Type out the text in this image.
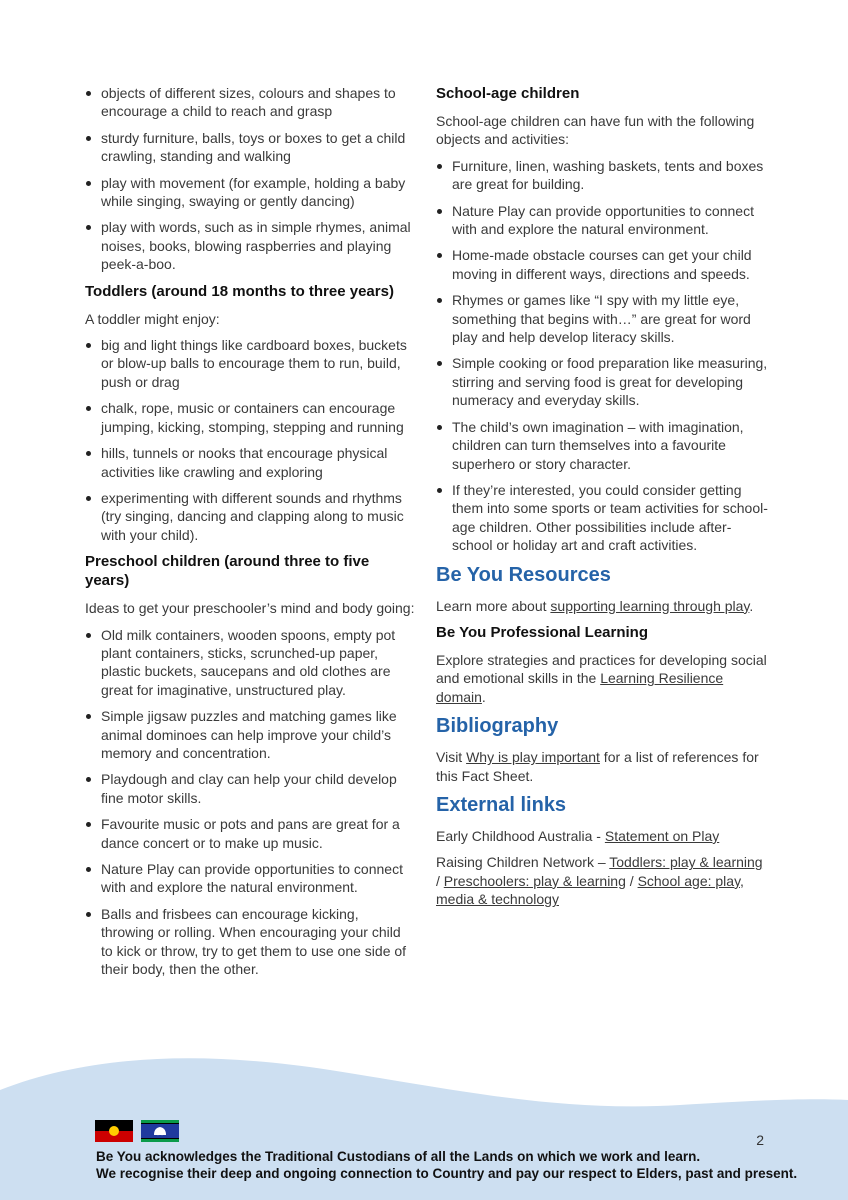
objects of different sizes, colours and shapes to encourage a child to reach and grasp
sturdy furniture, balls, toys or boxes to get a child crawling, standing and walking
play with movement (for example, holding a baby while singing, swaying or gently dancing)
play with words, such as in simple rhymes, animal noises, books, blowing raspberries and playing peek-a-boo.
Toddlers (around 18 months to three years)

A toddler might enjoy:

big and light things like cardboard boxes, buckets or blow-up balls to encourage them to run, build, push or drag
chalk, rope, music or containers can encourage jumping, kicking, stomping, stepping and running
hills, tunnels or nooks that encourage physical activities like crawling and exploring
experimenting with different sounds and rhythms (try singing, dancing and clapping along to music with your child).
Preschool children (around three to five years)

Ideas to get your preschooler’s mind and body going:

Old milk containers, wooden spoons, empty pot plant containers, sticks, scrunched-up paper, plastic buckets, saucepans and old clothes are great for imaginative, unstructured play.
Simple jigsaw puzzles and matching games like animal dominoes can help improve your child’s memory and concentration.
Playdough and clay can help your child develop fine motor skills.
Favourite music or pots and pans are great for a dance concert or to make up music.
Nature Play can provide opportunities to connect with and explore the natural environment.
Balls and frisbees can encourage kicking, throwing or rolling. When encouraging your child to kick or throw, try to get them to use one side of their body, then the other.
School-age children

School-age children can have fun with the following objects and activities:

Furniture, linen, washing baskets, tents and boxes are great for building.
Nature Play can provide opportunities to connect with and explore the natural environment.
Home-made obstacle courses can get your child moving in different ways, directions and speeds.
Rhymes or games like “I spy with my little eye, something that begins with…” are great for word play and help develop literacy skills.
Simple cooking or food preparation like measuring, stirring and serving food is great for developing numeracy and everyday skills.
The child’s own imagination – with imagination, children can turn themselves into a favourite superhero or story character.
If they’re interested, you could consider getting them into some sports or team activities for school-age children. Other possibilities include after-school or holiday art and craft activities.
Be You Resources

Learn more about supporting learning through play.

Be You Professional Learning

Explore strategies and practices for developing social and emotional skills in the Learning Resilience domain.

Bibliography

Visit Why is play important for a list of references for this Fact Sheet.

External links

Early Childhood Australia - Statement on Play

Raising Children Network – Toddlers: play & learning / Preschoolers: play & learning / School age: play, media & technology

2
Be You acknowledges the Traditional Custodians of all the Lands on which we work and learn.
We recognise their deep and ongoing connection to Country and pay our respect to Elders, past and present.
